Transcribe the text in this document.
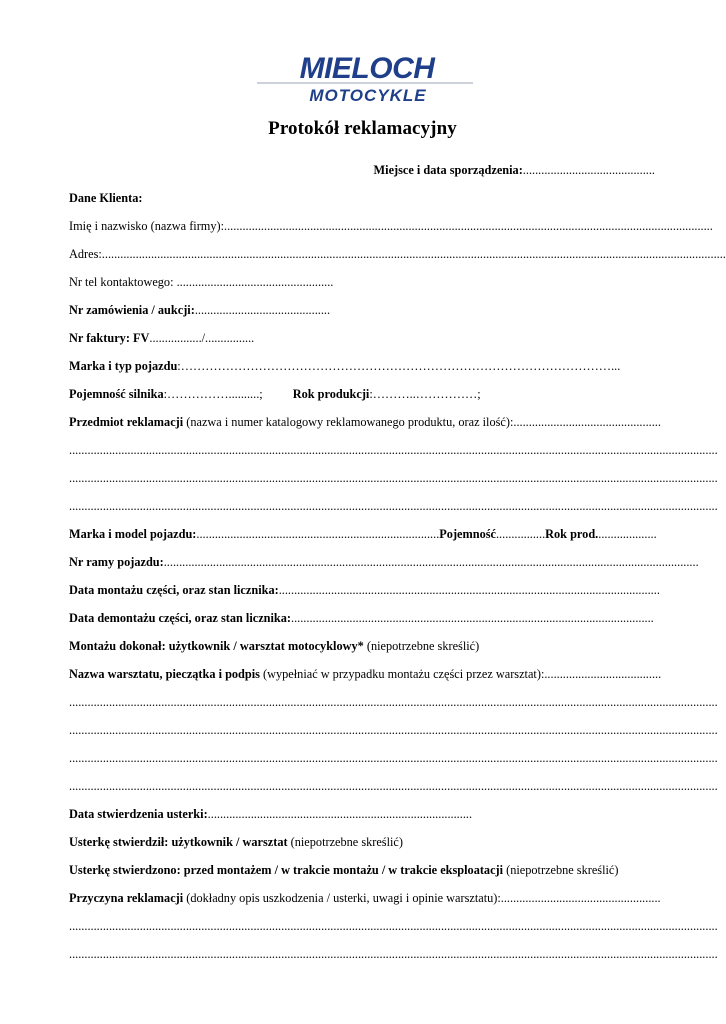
MIELOCH
MOTOCYKLE
Protokół reklamacyjny
Miejsce i data sporządzenia:...........................................
Dane Klienta:
Imię i nazwisko (nazwa firmy):...............................................................................................................................................................
Adres:...........................................................................................................................................................................................................
Nr tel kontaktowego: ...................................................
Nr zamówienia / aukcji:............................................
Nr faktury: FV................./................
Marka i typ pojazdu:……………………………………………………………………………………………...
Pojemność silnika:……………..........; Rok produkcji:………..……………;
Przedmiot reklamacji (nazwa i numer katalogowy reklamowanego produktu, oraz ilość):................................................
...................................................................................................................................................................................................................
...................................................................................................................................................................................................................
...................................................................................................................................................................................................................
Marka i model pojazdu:...............................................................................Pojemność................Rok prod....................
Nr ramy pojazdu:..............................................................................................................................................................................
Data montażu części, oraz stan licznika:............................................................................................................................
Data demontażu części, oraz stan licznika:......................................................................................................................
Montażu dokonał: użytkownik / warsztat motocyklowy* (niepotrzebne skreślić)
Nazwa warsztatu, pieczątka i podpis (wypełniać w przypadku montażu części przez warsztat):......................................
...................................................................................................................................................................................................................
...................................................................................................................................................................................................................
...................................................................................................................................................................................................................
...................................................................................................................................................................................................................
Data stwierdzenia usterki:......................................................................................
Usterkę stwierdził: użytkownik / warsztat (niepotrzebne skreślić)
Usterkę stwierdzono: przed montażem / w trakcie montażu / w trakcie eksploatacji (niepotrzebne skreślić)
Przyczyna reklamacji (dokładny opis uszkodzenia / usterki, uwagi i opinie warsztatu):....................................................
...................................................................................................................................................................................................................
...................................................................................................................................................................................................................
